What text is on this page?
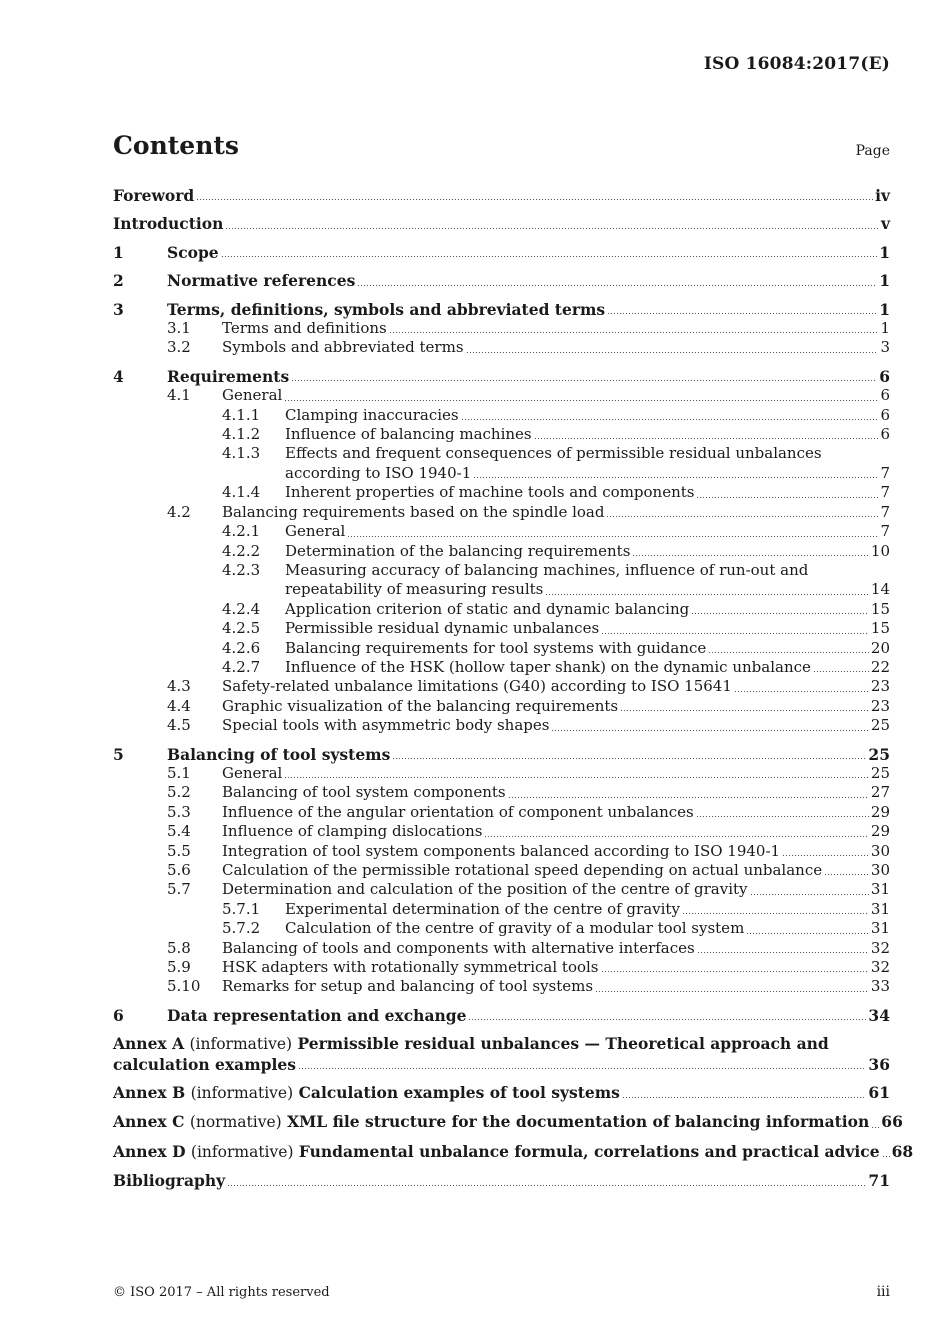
ISO 16084:2017(E)
Contents	Page
Foreword	iv
Introduction	v
1	Scope	1
2	Normative references	1
3	Terms, definitions, symbols and abbreviated terms	1
3.1 Terms and definitions	1
3.2 Symbols and abbreviated terms	3
4	Requirements	6
4.1 General	6
4.1.1 Clamping inaccuracies	6
4.1.2 Influence of balancing machines	6
4.1.3	Effects and frequent consequences of permissible residual unbalances
according to ISO 1940-1	7
4.1.4 Inherent properties of machine tools and components	7
4.2 Balancing requirements based on the spindle load	7
4.2.1 General	7
4.2.2 Determination of the balancing requirements	10
4.2.3	Measuring accuracy of balancing machines, influence of run-out and
repeatability of measuring results	14
4.2.4 Application criterion of static and dynamic balancing	15
4.2.5 Permissible residual dynamic unbalances	15
4.2.6 Balancing requirements for tool systems with guidance	20
4.2.7 Influence of the HSK (hollow taper shank) on the dynamic unbalance	22
4.3 Safety-related unbalance limitations (G40) according to ISO 15641	23
4.4 Graphic visualization of the balancing requirements	23
4.5 Special tools with asymmetric body shapes	25
5	Balancing of tool systems	25
5.1 General	25
5.2 Balancing of tool system components	27
5.3 Influence of the angular orientation of component unbalances	29
5.4 Influence of clamping dislocations	29
5.5 Integration of tool system components balanced according to ISO 1940-1	30
5.6 Calculation of the permissible rotational speed depending on actual unbalance	30
5.7 Determination and calculation of the position of the centre of gravity	31
5.7.1 Experimental determination of the centre of gravity	31
5.7.2 Calculation of the centre of gravity of a modular tool system	31
5.8 Balancing of tools and components with alternative interfaces	32
5.9 HSK adapters with rotationally symmetrical tools	32
5.10 Remarks for setup and balancing of tool systems	33
6	Data representation and exchange	34
Annex A (informative) Permissible residual unbalances — Theoretical approach and
calculation examples	36
Annex B (informative) Calculation examples of tool systems	61
Annex C (normative) XML file structure for the documentation of balancing information 66
Annex D (informative) Fundamental unbalance formula, correlations and practical advice 68
Bibliography	71
© ISO 2017 – All rights reserved	iii
